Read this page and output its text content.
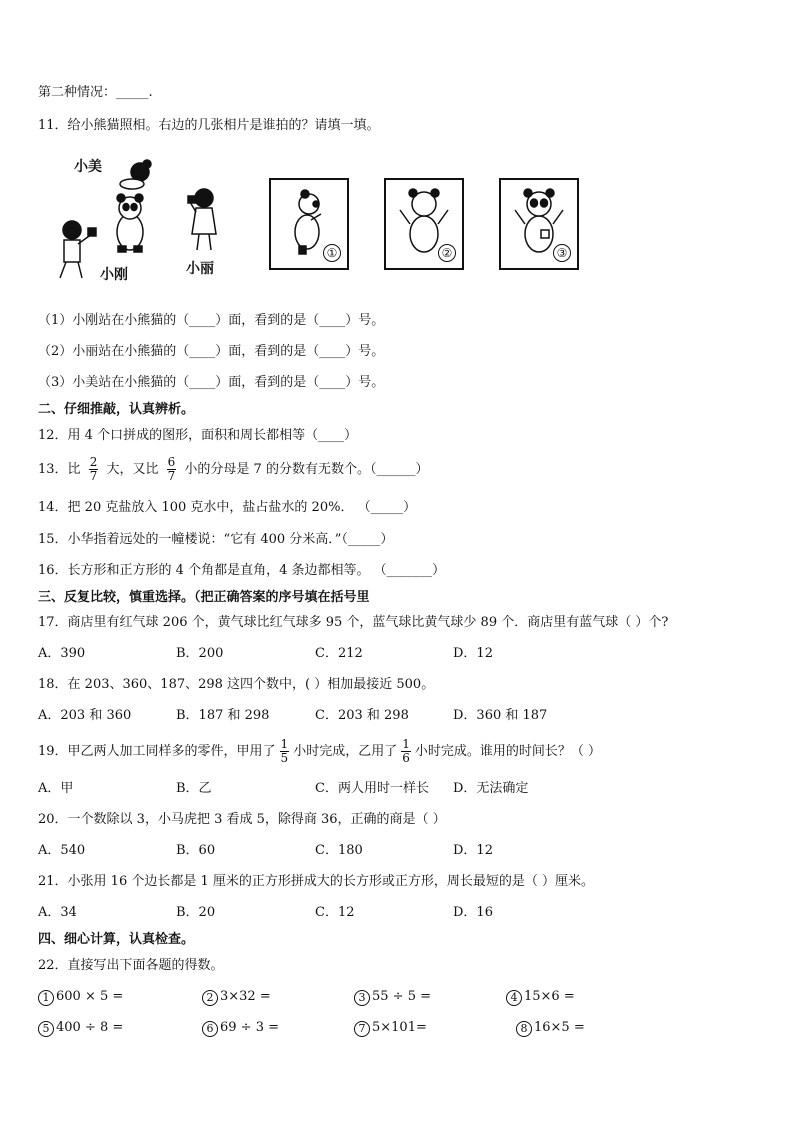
第二种情况：_____.
11．给小熊猫照相。右边的几张相片是谁拍的？请填一填。
小美
小刚	小丽
①	②	③
（1）小刚站在小熊猫的（____）面，看到的是（____）号。
（2）小丽站在小熊猫的（____）面，看到的是（____）号。
（3）小美站在小熊猫的（____）面，看到的是（____）号。
二、仔细推敲，认真辨析。
12．用 4 个口拼成的图形，面积和周长都相等（____）
13．比 $\frac{2}{7}$ 大，又比 $\frac{6}{7}$ 小的分母是 7 的分数有无数个。（______）
14．把 20 克盐放入 100 克水中，盐占盐水的 20%． （_____）
15．小华指着远处的一幢楼说：“它有 400 分米高．”（_____）
16．长方形和正方形的 4 个角都是直角，4 条边都相等。 （_______）
三、反复比较，慎重选择。（把正确答案的序号填在括号里
17．商店里有红气球 206 个，黄气球比红气球多 95 个，蓝气球比黄气球少 89 个．商店里有蓝气球（ ）个?
A．390	B．200	C．212	D．12
18．在 203、360、187、298 这四个数中，( ）相加最接近 500。
A．203 和 360	B．187 和 298	C．203 和 298	D．360 和 187
19．甲乙两人加工同样多的零件，甲用了 $\frac{1}{5}$ 小时完成，乙用了 $\frac{1}{6}$ 小时完成。谁用的时间长？（ ）
A．甲	B．乙	C．两人用时一样长 D．无法确定
20．一个数除以 3，小马虎把 3 看成 5，除得商 36，正确的商是（ ）
A．540	B．60	C．180	D．12
21．小张用 16 个边长都是 1 厘米的正方形拼成大的长方形或正方形，周长最短的是（ ）厘米。
A．34	B．20	C．12	D．16
四、细心计算，认真检查。
22．直接写出下面各题的得数。
1 600 × 5 =	2 3×32 =	3 55 ÷ 5 =	4 15×6 =
5 400 ÷ 8 =	6 69 ÷ 3 =	7 5×101=	8 16×5 =
